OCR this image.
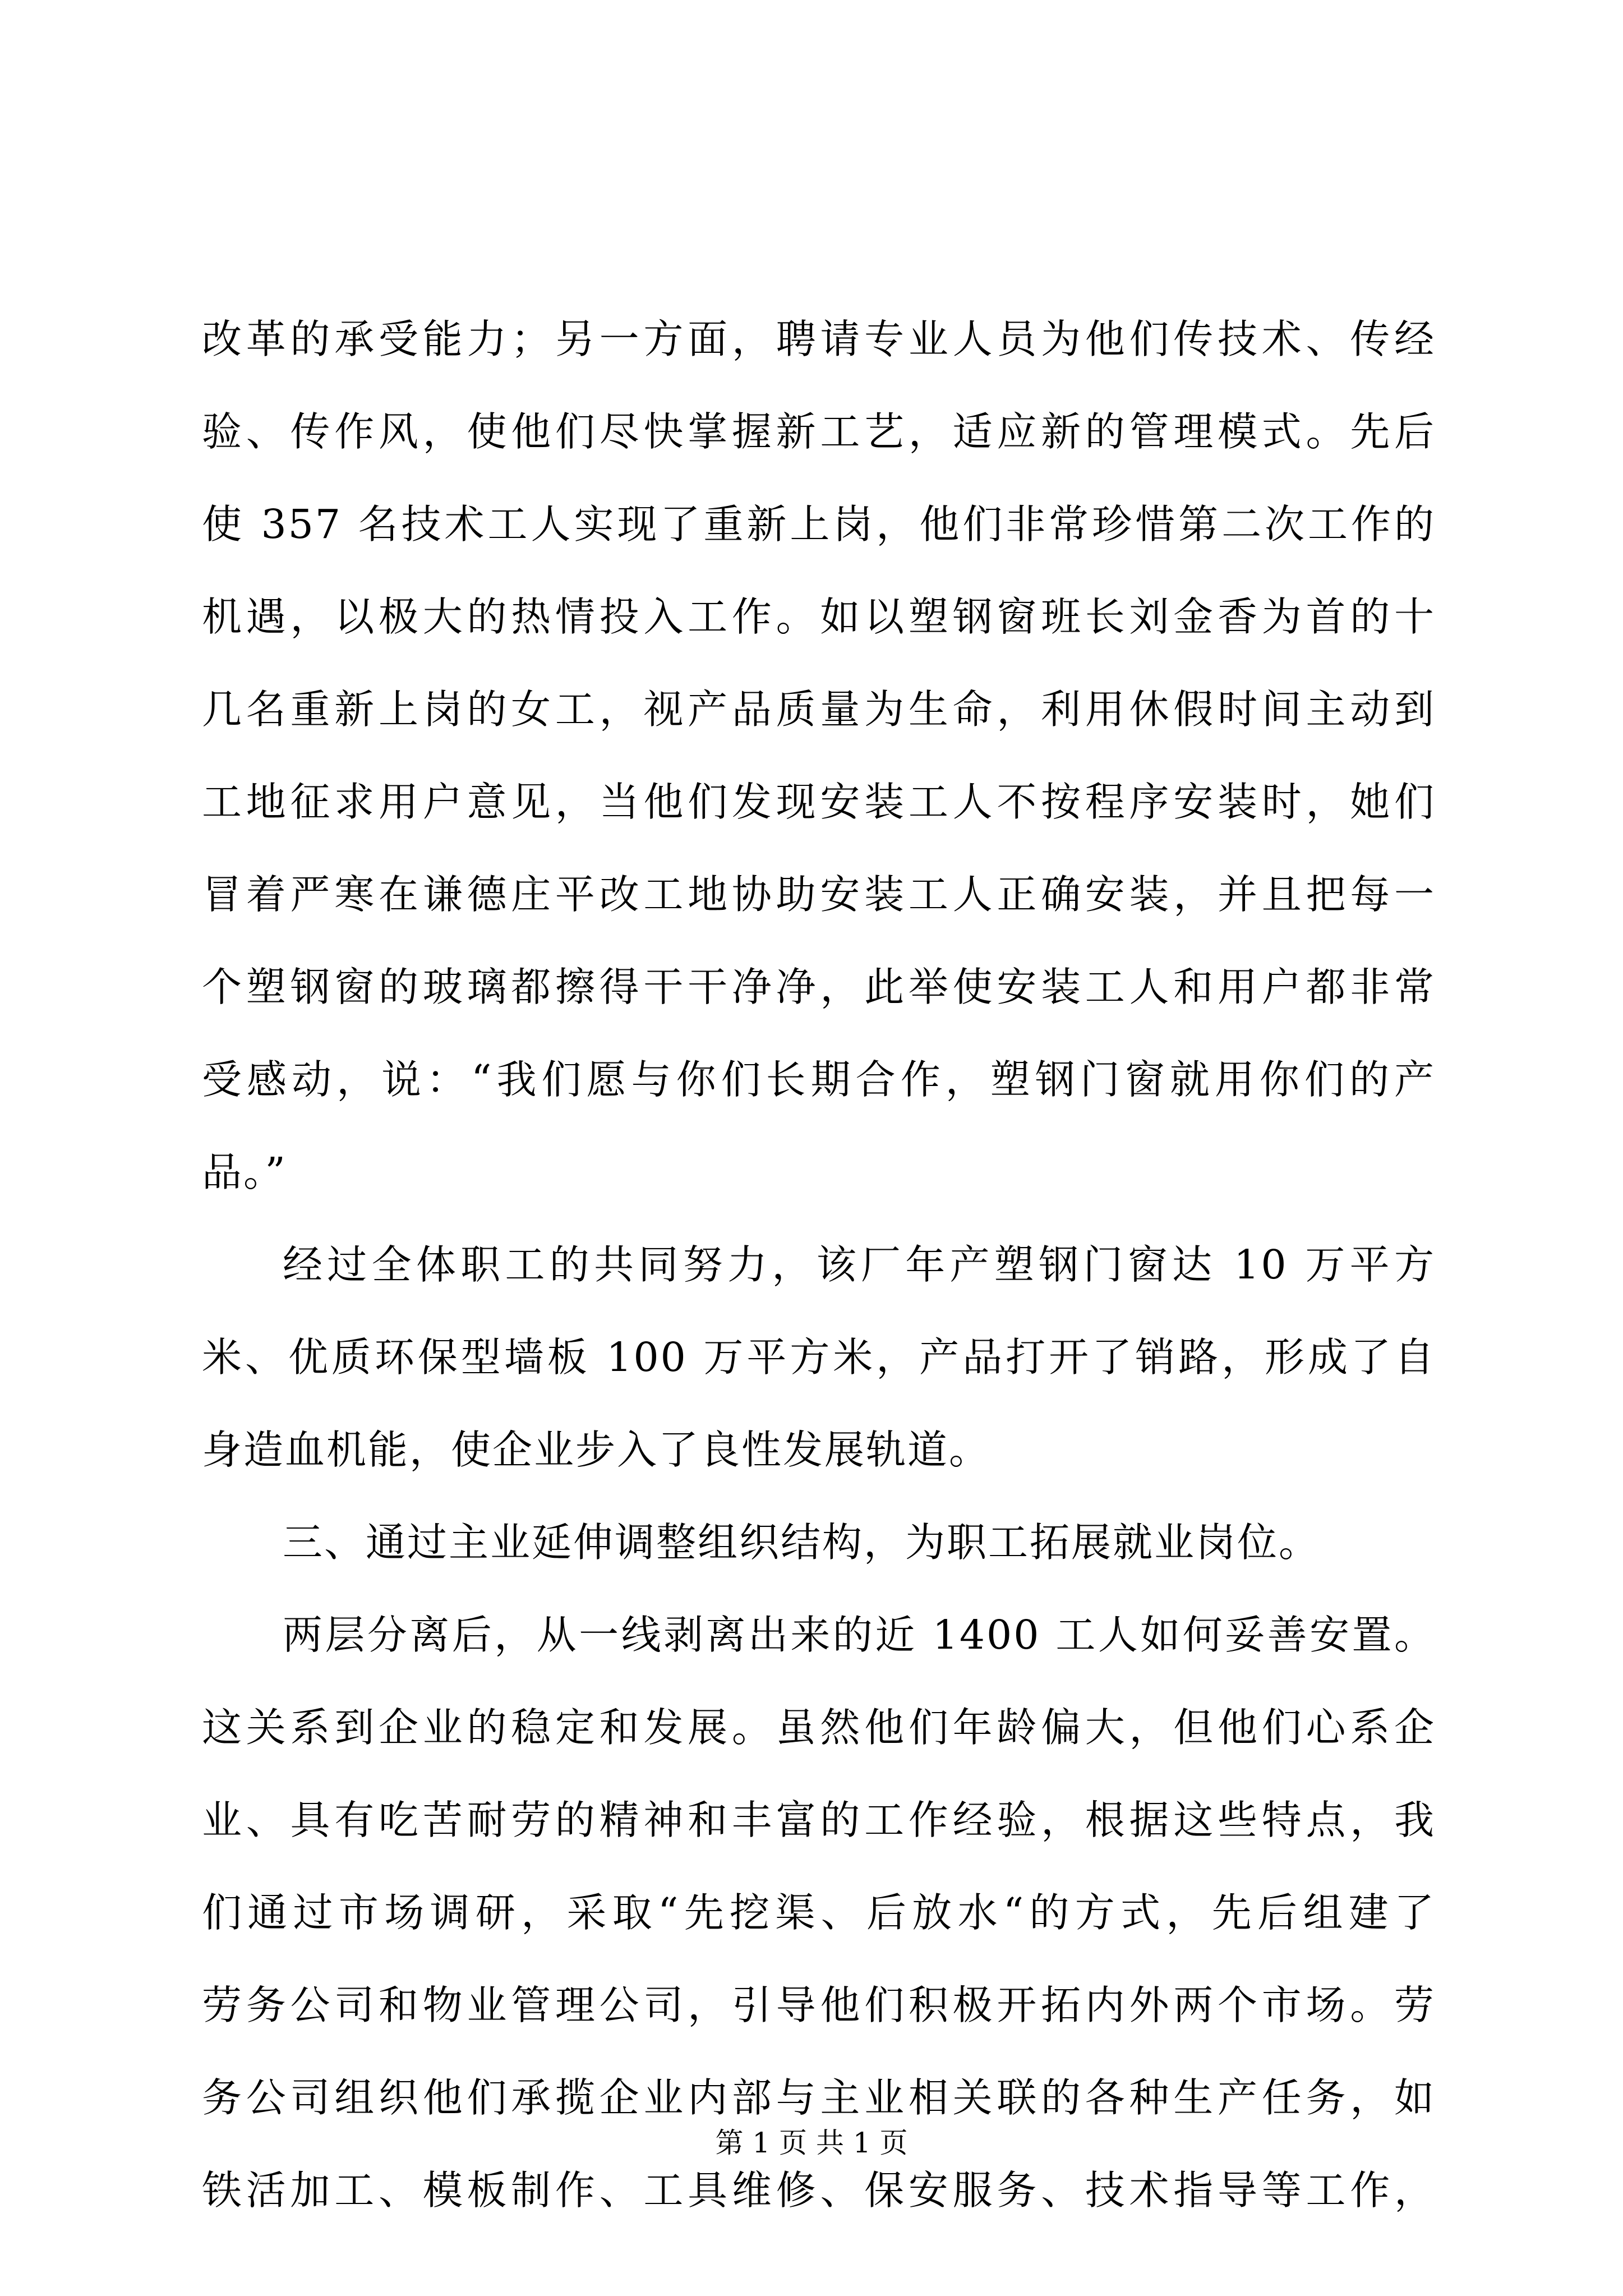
改革的承受能力；另一方面，聘请专业人员为他们传技术、传经
验、传作风，使他们尽快掌握新工艺，适应新的管理模式。先后
使 357 名技术工人实现了重新上岗，他们非常珍惜第二次工作的
机遇，以极大的热情投入工作。如以塑钢窗班长刘金香为首的十
几名重新上岗的女工，视产品质量为生命，利用休假时间主动到
工地征求用户意见，当他们发现安装工人不按程序安装时，她们
冒着严寒在谦德庄平改工地协助安装工人正确安装，并且把每一
个塑钢窗的玻璃都擦得干干净净，此举使安装工人和用户都非常
受感动，说：“我们愿与你们长期合作，塑钢门窗就用你们的产
品。”
经过全体职工的共同努力，该厂年产塑钢门窗达 10 万平方
米、优质环保型墙板 100 万平方米，产品打开了销路，形成了自
身造血机能，使企业步入了良性发展轨道。
三、通过主业延伸调整组织结构，为职工拓展就业岗位。
两层分离后，从一线剥离出来的近 1400 工人如何妥善安置。
这关系到企业的稳定和发展。虽然他们年龄偏大，但他们心系企
业、具有吃苦耐劳的精神和丰富的工作经验，根据这些特点，我
们通过市场调研，采取“先挖渠、后放水“的方式，先后组建了
劳务公司和物业管理公司，引导他们积极开拓内外两个市场。劳
务公司组织他们承揽企业内部与主业相关联的各种生产任务，如
铁活加工、模板制作、工具维修、保安服务、技术指导等工作，
第 1 页 共 1 页
